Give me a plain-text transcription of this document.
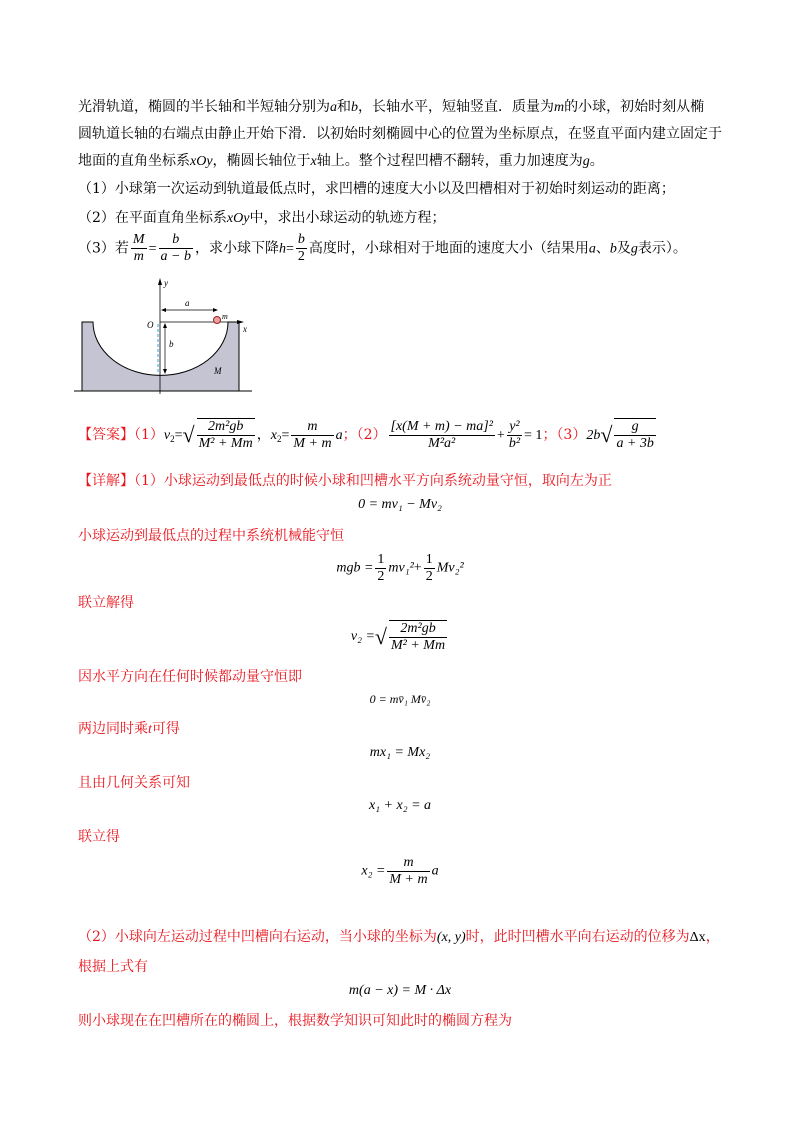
光滑轨道，椭圆的半长轴和半短轴分别为a和b，长轴水平，短轴竖直．质量为m的小球，初始时刻从椭
圆轨道长轴的右端点由静止开始下滑．以初始时刻椭圆中心的位置为坐标原点，在竖直平面内建立固定于
地面的直角坐标系xOy，椭圆长轴位于x轴上。整个过程凹槽不翻转，重力加速度为g。
（1）小球第一次运动到轨道最低点时，求凹槽的速度大小以及凹槽相对于初始时刻运动的距离；
（2）在平面直角坐标系xOy中，求出小球运动的轨迹方程；
（3）若 $\frac{M}{m} = \frac{b}{a - b}$ ，求小球下降$h= \frac{b}{2}$ 高度时，小球相对于地面的速度大小（结果用a、b及g表示）。
y
x
O
a
b
m
M
【答案】$(1)v_2=√ \frac{\text{2m²gb}}{\text{M² + Mm}}$ ，$x_2= \frac{m}{M + m}$ a；$(2) \frac{\text{[x(M + m) − ma]²}}{\text{M²a²}} + \frac{\text{y²}}{\text{b²}} = 1$；$(3)2b√ \frac{g}{a + 3b}$
【详解】（1）小球运动到最低点的时候小球和凹槽水平方向系统动量守恒，取向左为正
0 = mv₁ − Mv₂
小球运动到最低点的过程中系统机械能守恒
mgb = $\frac{1}{2} mv_1^2+ \frac{1}{2} Mv_2^2$
联立解得
v₂ =√ $\frac{\text{2m²gb}}{\text{M² + Mm}}$
因水平方向在任何时候都动量守恒即
0 = mv̄₁ Mv̄₂
两边同时乘t可得
mx₁ = Mx₂
且由几何关系可知
x₁ + x₂ = a
联立得
$x_2 = \frac{m}{M + m}$ a
（2）小球向左运动过程中凹槽向右运动，当小球的坐标为(x, y)时，此时凹槽水平向右运动的位移为Δx，
根据上式有
m(a − x) = M · Δx
则小球现在在凹槽所在的椭圆上，根据数学知识可知此时的椭圆方程为
